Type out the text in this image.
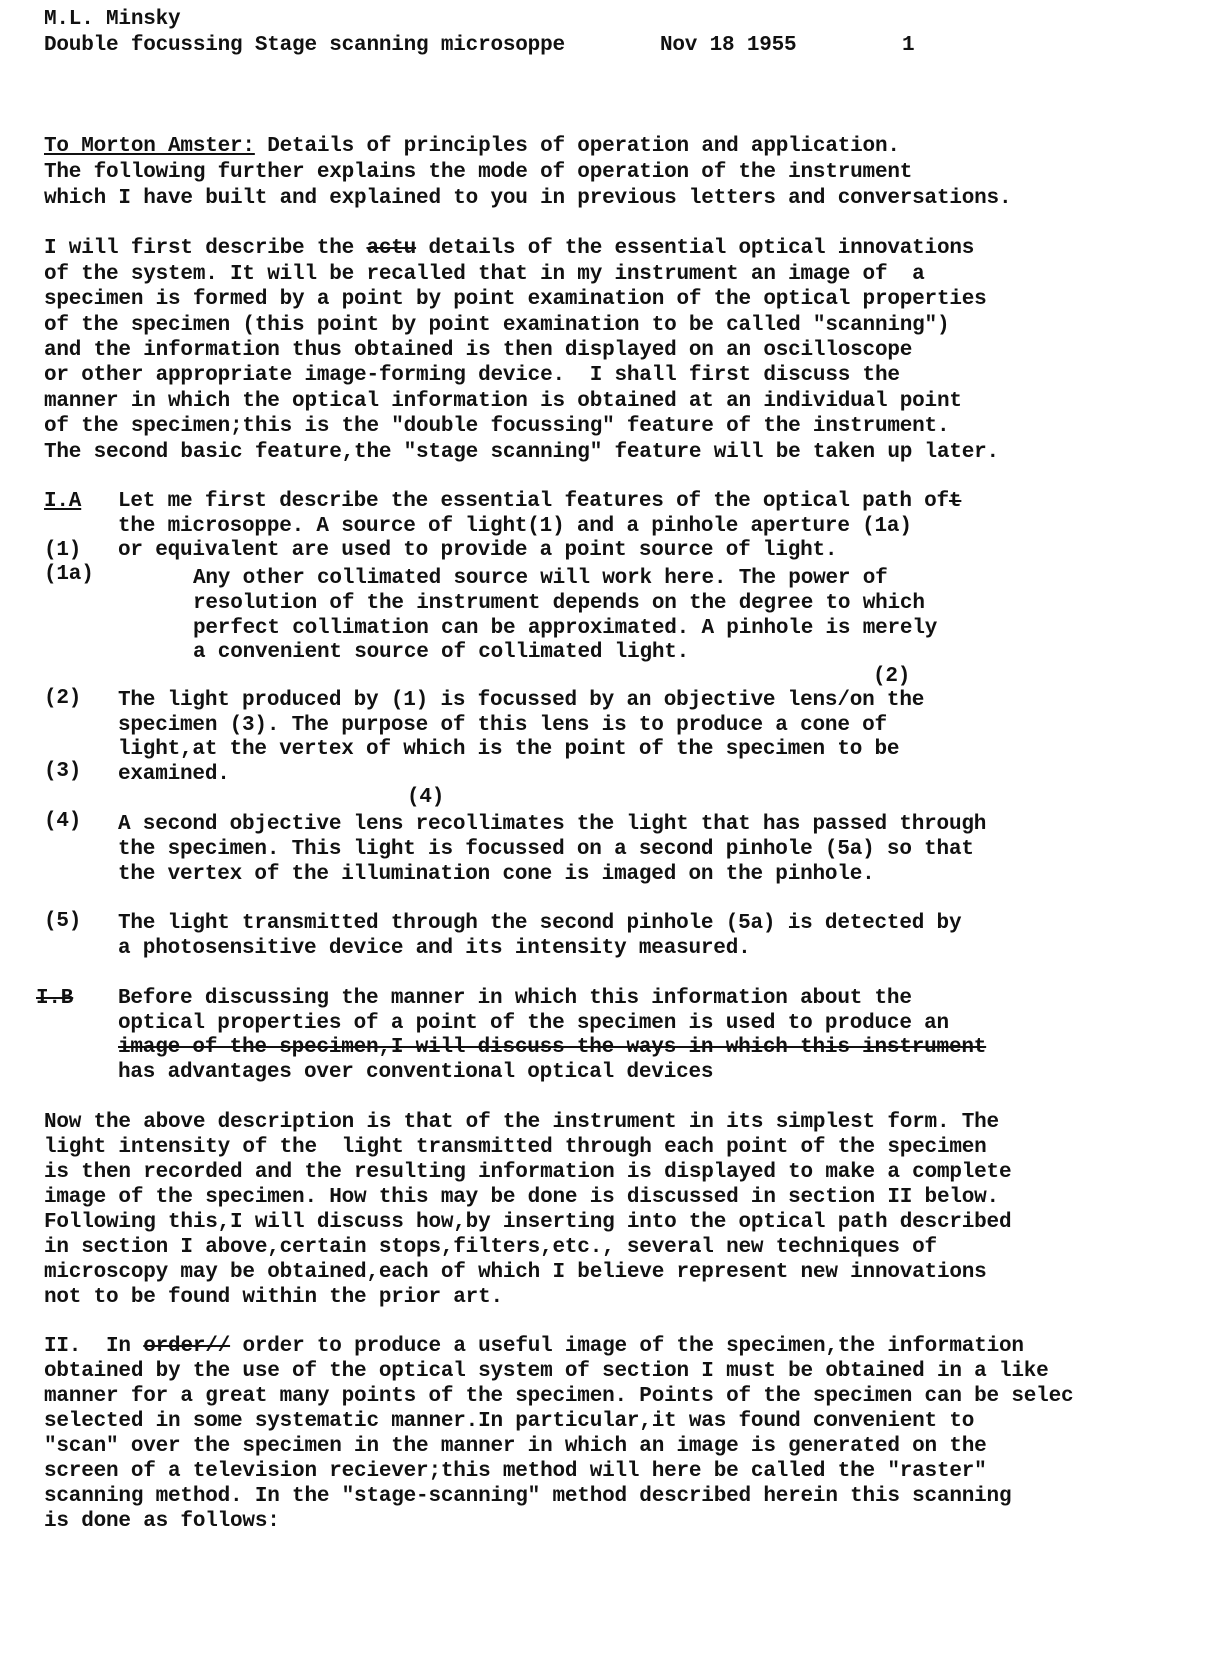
M.L. Minsky
Double focussing Stage scanning microsoppe	Nov 18 1955	1
To Morton Amster: Details of principles of operation and application.
The following further explains the mode of operation of the instrument
which I have built and explained to you in previous letters and conversations.
I will first describe the actu details of the essential optical innovations
of the system. It will be recalled that in my instrument an image of  a
specimen is formed by a point by point examination of the optical properties
of the specimen (this point by point examination to be called "scanning")
and the information thus obtained is then displayed on an oscilloscope
or other appropriate image-forming device.  I shall first discuss the
manner in which the optical information is obtained at an individual point
of the specimen;this is the "double focussing" feature of the instrument.
The second basic feature,the "stage scanning" feature will be taken up later.
I.A Let me first describe the essential features of the optical path oft
the microsoppe. A source of light(1) and a pinhole aperture (1a)
(1) or equivalent are used to provide a point source of light.
(1a)	Any other collimated source will work here. The power of
resolution of the instrument depends on the degree to which
perfect collimation can be approximated. A pinhole is merely
a convenient source of collimated light.
(2)
(2) The light produced by (1) is focussed by an objective lens/on the
specimen (3). The purpose of this lens is to produce a cone of
light,at the vertex of which is the point of the specimen to be
(3) examined.
(4)
(4) A second objective lens recollimates the light that has passed through
the specimen. This light is focussed on a second pinhole (5a) so that
the vertex of the illumination cone is imaged on the pinhole.
(5) The light transmitted through the second pinhole (5a) is detected by
a photosensitive device and its intensity measured.
I.B Before discussing the manner in which this information about the
optical properties of a point of the specimen is used to produce an
image of the specimen,I will discuss the ways in which this instrument
has advantages over conventional optical devices
Now the above description is that of the instrument in its simplest form. The
light intensity of the  light transmitted through each point of the specimen
is then recorded and the resulting information is displayed to make a complete
image of the specimen. How this may be done is discussed in section II below.
Following this,I will discuss how,by inserting into the optical path described
in section I above,certain stops,filters,etc., several new techniques of
microscopy may be obtained,each of which I believe represent new innovations
not to be found within the prior art.
II. In order// order to produce a useful image of the specimen,the information
obtained by the use of the optical system of section I must be obtained in a like
manner for a great many points of the specimen. Points of the specimen can be selec
selected in some systematic manner.In particular,it was found convenient to
"scan" over the specimen in the manner in which an image is generated on the
screen of a television reciever;this method will here be called the "raster"
scanning method. In the "stage-scanning" method described herein this scanning
is done as follows:
